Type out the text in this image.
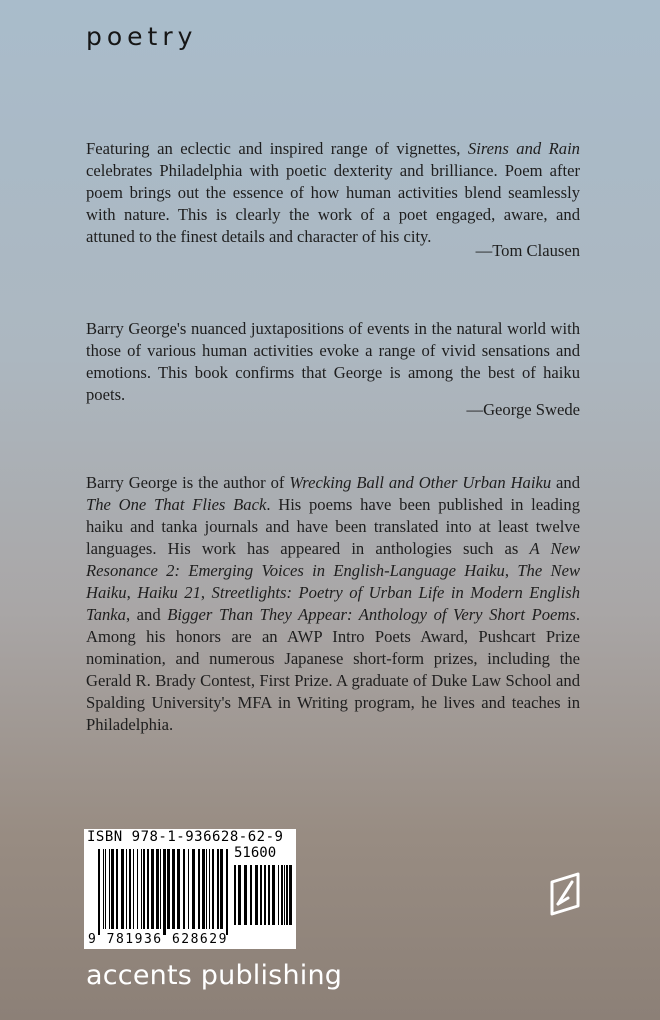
poetry

Featuring an eclectic and inspired range of vignettes, Sirens and Rain celebrates Philadelphia with poetic dexterity and brilliance. Poem after poem brings out the essence of how human activities blend seamlessly with nature. This is clearly the work of a poet engaged, aware, and attuned to the finest details and character of his city.

—Tom Clausen

Barry George's nuanced juxtapositions of events in the natural world with those of various human activities evoke a range of vivid sensations and emotions. This book confirms that George is among the best of haiku poets.

—George Swede

Barry George is the author of Wrecking Ball and Other Urban Haiku and The One That Flies Back. His poems have been published in leading haiku and tanka journals and have been translated into at least twelve languages. His work has appeared in anthologies such as A New Resonance 2: Emerging Voices in English-Language Haiku, The New Haiku, Haiku 21, Streetlights: Poetry of Urban Life in Modern English Tanka, and Bigger Than They Appear: Anthology of Very Short Poems. Among his honors are an AWP Intro Poets Award, Pushcart Prize nomination, and numerous Japanese short-form prizes, including the Gerald R. Brady Contest, First Prize. A graduate of Duke Law School and Spalding University's MFA in Writing program, he lives and teaches in Philadelphia.

ISBN 978-1-936628-62-9
51600
9 781936 628629
accents publishing
